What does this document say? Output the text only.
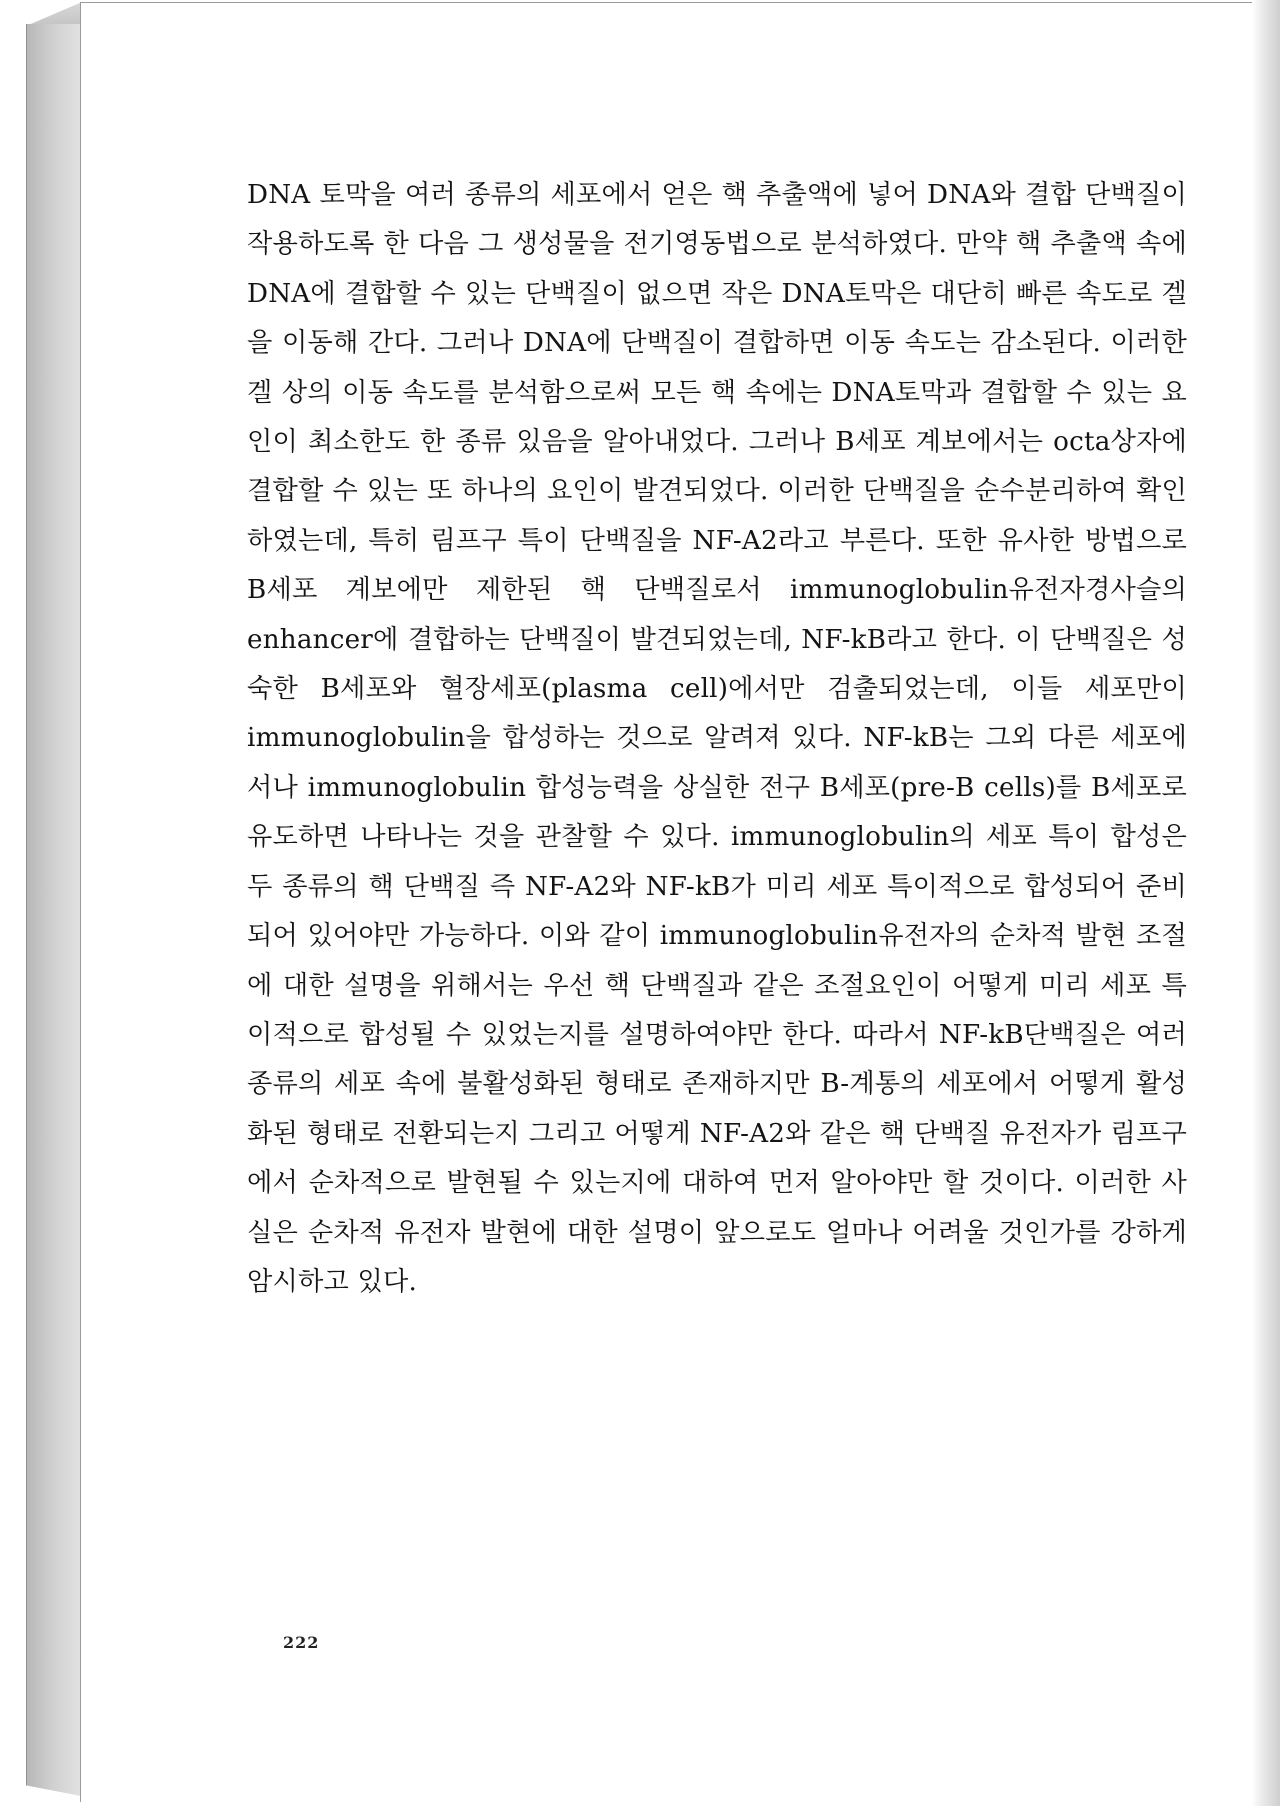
DNA 토막을 여러 종류의 세포에서 얻은 핵 추출액에 넣어 DNA와 결합 단백질이 작용하도록 한 다음 그 생성물을 전기영동법으로 분석하였다. 만약 핵 추출액 속에 DNA에 결합할 수 있는 단백질이 없으면 작은 DNA토막은 대단히 빠른 속도로 겔을 이동해 간다. 그러나 DNA에 단백질이 결합하면 이동 속도는 감소된다. 이러한 겔 상의 이동 속도를 분석함으로써 모든 핵 속에는 DNA토막과 결합할 수 있는 요인이 최소한도 한 종류 있음을 알아내었다. 그러나 B세포 계보에서는 octa상자에 결합할 수 있는 또 하나의 요인이 발견되었다. 이러한 단백질을 순수분리하여 확인하였는데, 특히 림프구 특이 단백질을 NF-A2라고 부른다. 또한 유사한 방법으로 B세포 계보에만 제한된 핵 단백질로서 immunoglobulin유전자경사슬의 enhancer에 결합하는 단백질이 발견되었는데, NF-kB라고 한다. 이 단백질은 성숙한 B세포와 혈장세포(plasma cell)에서만 검출되었는데, 이들 세포만이 immunoglobulin을 합성하는 것으로 알려져 있다. NF-kB는 그외 다른 세포에서나 immunoglobulin 합성능력을 상실한 전구 B세포(pre-B cells)를 B세포로 유도하면 나타나는 것을 관찰할 수 있다. immunoglobulin의 세포 특이 합성은 두 종류의 핵 단백질 즉 NF-A2와 NF-kB가 미리 세포 특이적으로 합성되어 준비되어 있어야만 가능하다. 이와 같이 immunoglobulin유전자의 순차적 발현 조절에 대한 설명을 위해서는 우선 핵 단백질과 같은 조절요인이 어떻게 미리 세포 특이적으로 합성될 수 있었는지를 설명하여야만 한다. 따라서 NF-kB단백질은 여러 종류의 세포 속에 불활성화된 형태로 존재하지만 B-계통의 세포에서 어떻게 활성화된 형태로 전환되는지 그리고 어떻게 NF-A2와 같은 핵 단백질 유전자가 림프구에서 순차적으로 발현될 수 있는지에 대하여 먼저 알아야만 할 것이다. 이러한 사실은 순차적 유전자 발현에 대한 설명이 앞으로도 얼마나 어려울 것인가를 강하게 암시하고 있다.

222
